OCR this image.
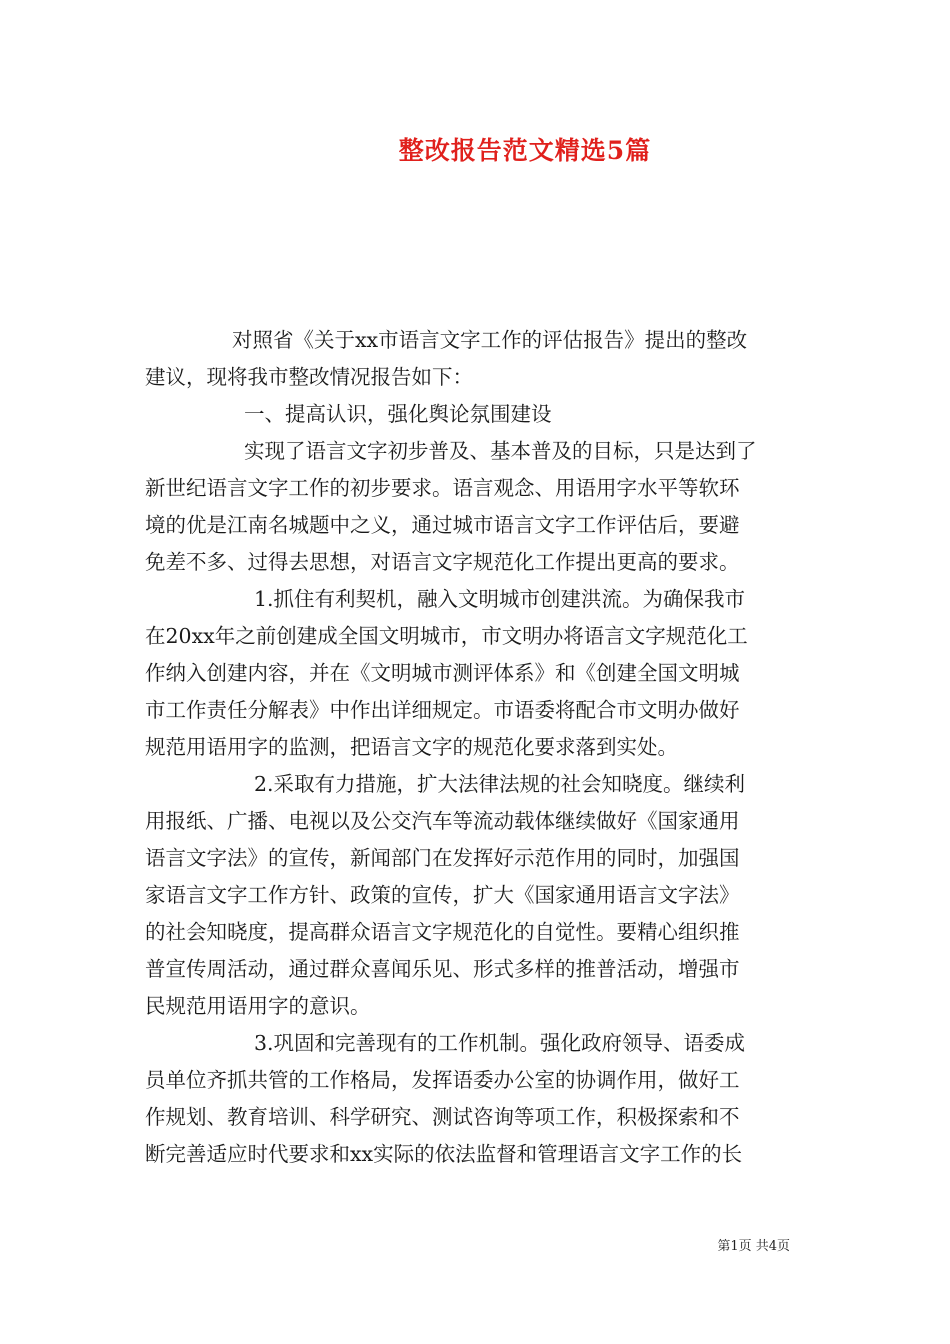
整改报告范文精选5篇
对照省《关于xx市语言文字工作的评估报告》提出的整改
建议，现将我市整改情况报告如下：
一、提高认识，强化舆论氛围建设
实现了语言文字初步普及、基本普及的目标，只是达到了
新世纪语言文字工作的初步要求。语言观念、用语用字水平等软环
境的优是江南名城题中之义，通过城市语言文字工作评估后，要避
免差不多、过得去思想，对语言文字规范化工作提出更高的要求。
1.抓住有利契机，融入文明城市创建洪流。为确保我市
在20xx年之前创建成全国文明城市，市文明办将语言文字规范化工
作纳入创建内容，并在《文明城市测评体系》和《创建全国文明城
市工作责任分解表》中作出详细规定。市语委将配合市文明办做好
规范用语用字的监测，把语言文字的规范化要求落到实处。
2.采取有力措施，扩大法律法规的社会知晓度。继续利
用报纸、广播、电视以及公交汽车等流动载体继续做好《国家通用
语言文字法》的宣传，新闻部门在发挥好示范作用的同时，加强国
家语言文字工作方针、政策的宣传，扩大《国家通用语言文字法》
的社会知晓度，提高群众语言文字规范化的自觉性。要精心组织推
普宣传周活动，通过群众喜闻乐见、形式多样的推普活动，增强市
民规范用语用字的意识。
3.巩固和完善现有的工作机制。强化政府领导、语委成
员单位齐抓共管的工作格局，发挥语委办公室的协调作用，做好工
作规划、教育培训、科学研究、测试咨询等项工作，积极探索和不
断完善适应时代要求和xx实际的依法监督和管理语言文字工作的长
第1页 共4页
